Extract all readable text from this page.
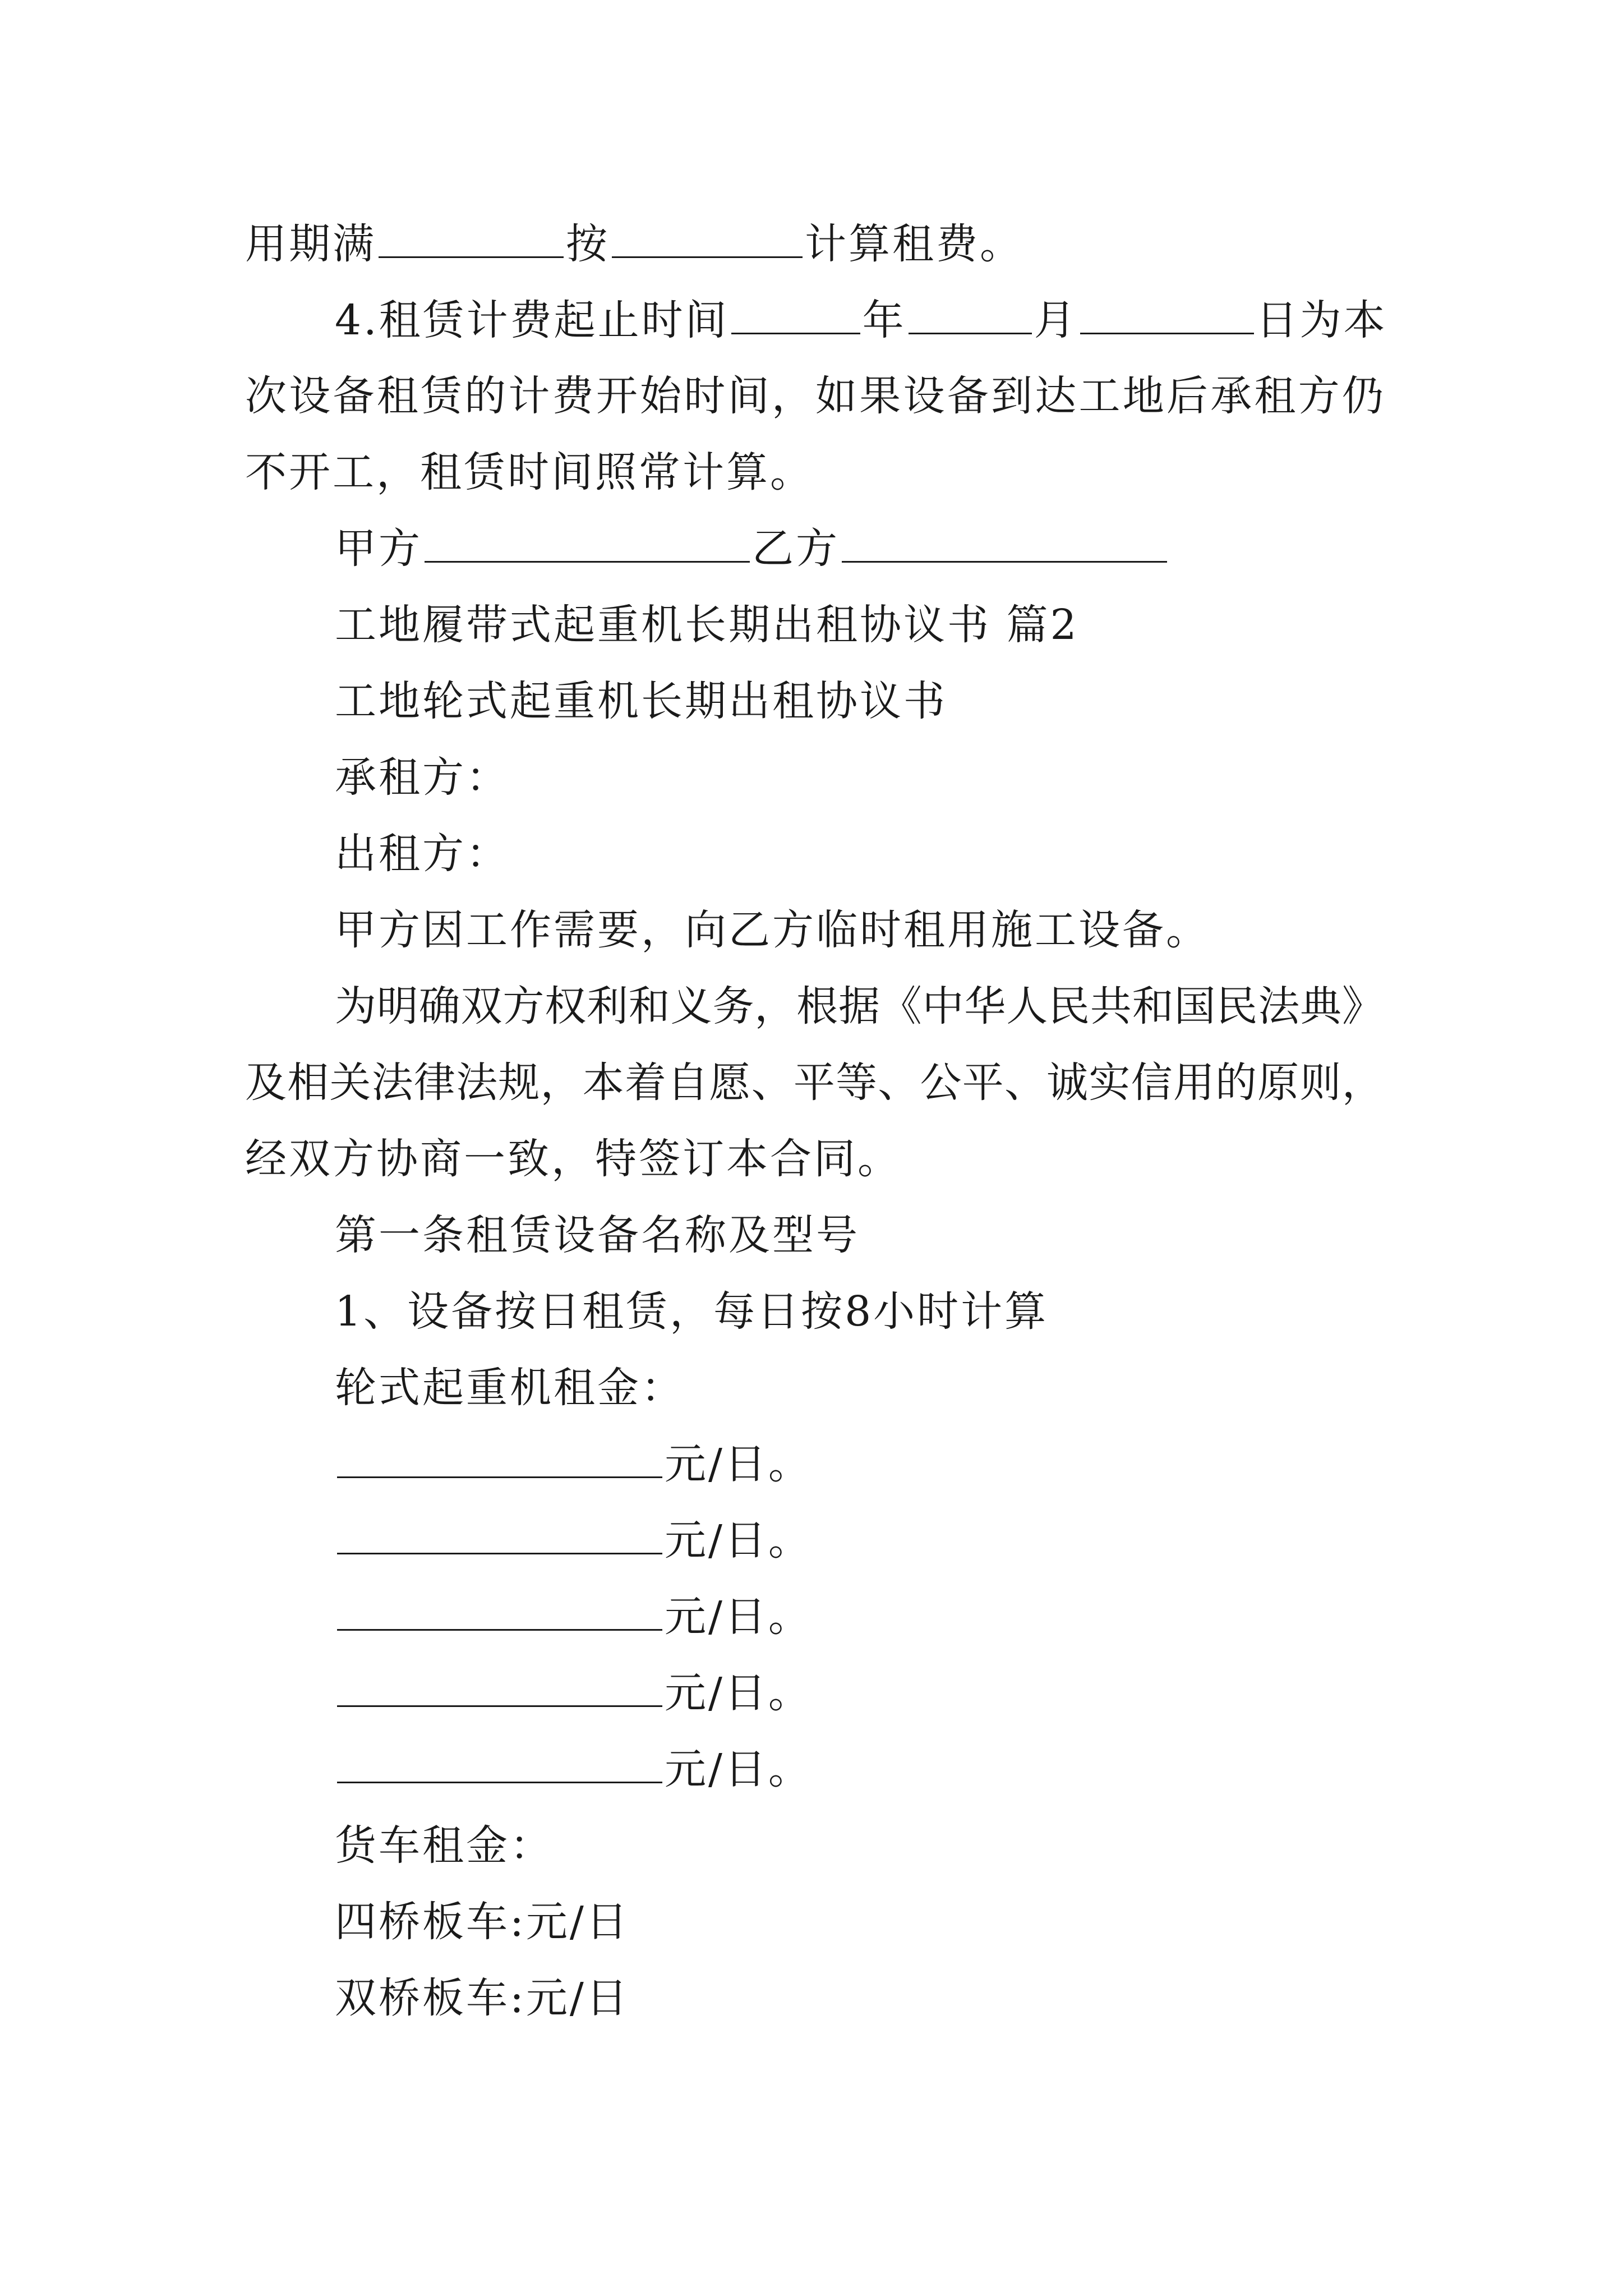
用期满	按	计算租费。
4.租赁计费起止时间	年	月	日为本
次 设 备 租 赁 的 计 费 开 始 时 间 ， 如 果 设 备 到 达 工 地 后 承 租 方 仍
不开工，租赁时间照常计算。
甲方	乙方
工地履带式起重机长期出租协议书 篇2
工地轮式起重机长期出租协议书
承租方：
出租方：
甲方因工作需要，向乙方临时租用施工设备。
为 明 确 双 方 权 利 和 义 务 ， 根 据 《 中 华 人 民 共 和 国 民 法 典 》
及 相 关 法 律 法 规 ， 本 着 自 愿 、 平 等 、 公 平 、 诚 实 信 用 的 原 则 ，
经双方协商一致，特签订本合同。
第一条租赁设备名称及型号
1、设备按日租赁，每日按8小时计算
轮式起重机租金：
元/日。
元/日。
元/日。
元/日。
元/日。
货车租金：
四桥板车:元/日
双桥板车:元/日
